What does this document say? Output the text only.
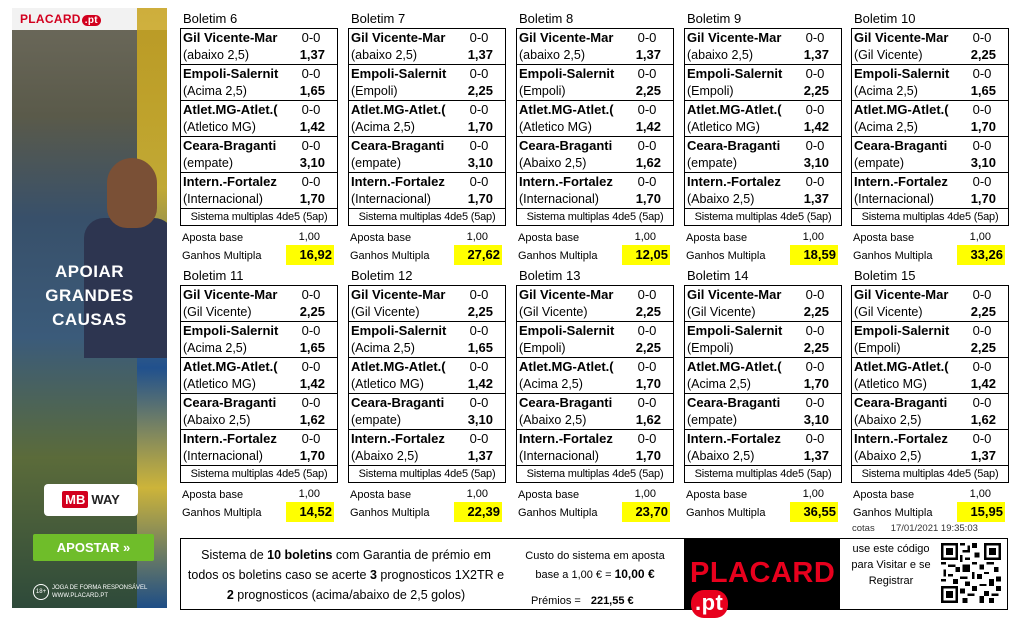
PLACARD .pt
APOIAR
GRANDES
CAUSAS
MB WAY
APOSTAR »
18+
JOGA DE FORMA RESPONSÁVEL
WWW.PLACARD.PT
Boletim 6
Gil Vicente-Mar	0-0
(abaixo 2,5)	1,37
Empoli-Salernit	0-0
(Acima 2,5)	1,65
Atlet.MG-Atlet.(	0-0
(Atletico MG)	1,42
Ceara-Braganti	0-0
(empate)	3,10
Intern.-Fortalez	0-0
(Internacional)	1,70
Sistema multiplas 4de5 (5ap)
Aposta base	1,00
Ganhos Multipla	16,92
Boletim 7
Gil Vicente-Mar	0-0
(abaixo 2,5)	1,37
Empoli-Salernit	0-0
(Empoli)	2,25
Atlet.MG-Atlet.(	0-0
(Acima 2,5)	1,70
Ceara-Braganti	0-0
(empate)	3,10
Intern.-Fortalez	0-0
(Internacional)	1,70
Sistema multiplas 4de5 (5ap)
Aposta base	1,00
Ganhos Multipla	27,62
Boletim 8
Gil Vicente-Mar	0-0
(abaixo 2,5)	1,37
Empoli-Salernit	0-0
(Empoli)	2,25
Atlet.MG-Atlet.(	0-0
(Atletico MG)	1,42
Ceara-Braganti	0-0
(Abaixo 2,5)	1,62
Intern.-Fortalez	0-0
(Internacional)	1,70
Sistema multiplas 4de5 (5ap)
Aposta base	1,00
Ganhos Multipla	12,05
Boletim 9
Gil Vicente-Mar	0-0
(abaixo 2,5)	1,37
Empoli-Salernit	0-0
(Empoli)	2,25
Atlet.MG-Atlet.(	0-0
(Atletico MG)	1,42
Ceara-Braganti	0-0
(empate)	3,10
Intern.-Fortalez	0-0
(Abaixo 2,5)	1,37
Sistema multiplas 4de5 (5ap)
Aposta base	1,00
Ganhos Multipla	18,59
Boletim 10
Gil Vicente-Mar	0-0
(Gil Vicente)	2,25
Empoli-Salernit	0-0
(Acima 2,5)	1,65
Atlet.MG-Atlet.(	0-0
(Acima 2,5)	1,70
Ceara-Braganti	0-0
(empate)	3,10
Intern.-Fortalez	0-0
(Internacional)	1,70
Sistema multiplas 4de5 (5ap)
Aposta base	1,00
Ganhos Multipla	33,26
Boletim 11
Gil Vicente-Mar	0-0
(Gil Vicente)	2,25
Empoli-Salernit	0-0
(Acima 2,5)	1,65
Atlet.MG-Atlet.(	0-0
(Atletico MG)	1,42
Ceara-Braganti	0-0
(Abaixo 2,5)	1,62
Intern.-Fortalez	0-0
(Internacional)	1,70
Sistema multiplas 4de5 (5ap)
Aposta base	1,00
Ganhos Multipla	14,52
Boletim 12
Gil Vicente-Mar	0-0
(Gil Vicente)	2,25
Empoli-Salernit	0-0
(Acima 2,5)	1,65
Atlet.MG-Atlet.(	0-0
(Atletico MG)	1,42
Ceara-Braganti	0-0
(empate)	3,10
Intern.-Fortalez	0-0
(Abaixo 2,5)	1,37
Sistema multiplas 4de5 (5ap)
Aposta base	1,00
Ganhos Multipla	22,39
Boletim 13
Gil Vicente-Mar	0-0
(Gil Vicente)	2,25
Empoli-Salernit	0-0
(Empoli)	2,25
Atlet.MG-Atlet.(	0-0
(Acima 2,5)	1,70
Ceara-Braganti	0-0
(Abaixo 2,5)	1,62
Intern.-Fortalez	0-0
(Internacional)	1,70
Sistema multiplas 4de5 (5ap)
Aposta base	1,00
Ganhos Multipla	23,70
Boletim 14
Gil Vicente-Mar	0-0
(Gil Vicente)	2,25
Empoli-Salernit	0-0
(Empoli)	2,25
Atlet.MG-Atlet.(	0-0
(Acima 2,5)	1,70
Ceara-Braganti	0-0
(empate)	3,10
Intern.-Fortalez	0-0
(Abaixo 2,5)	1,37
Sistema multiplas 4de5 (5ap)
Aposta base	1,00
Ganhos Multipla	36,55
Boletim 15
Gil Vicente-Mar	0-0
(Gil Vicente)	2,25
Empoli-Salernit	0-0
(Empoli)	2,25
Atlet.MG-Atlet.(	0-0
(Atletico MG)	1,42
Ceara-Braganti	0-0
(Abaixo 2,5)	1,62
Intern.-Fortalez	0-0
(Abaixo 2,5)	1,37
Sistema multiplas 4de5 (5ap)
Aposta base	1,00
Ganhos Multipla	15,95
cotas 17/01/2021 19:35:03
Sistema de 10 boletins com Garantia de prémio em todos os boletins caso se acerte 3 prognosticos 1X2TR e 2 prognosticos (acima/abaixo de 2,5 golos)
Custo do sistema em aposta
base a 1,00 € = 10,00 €
Prémios = 221,55 €
PLACARD.pt
use este código para Visitar e se Registrar
